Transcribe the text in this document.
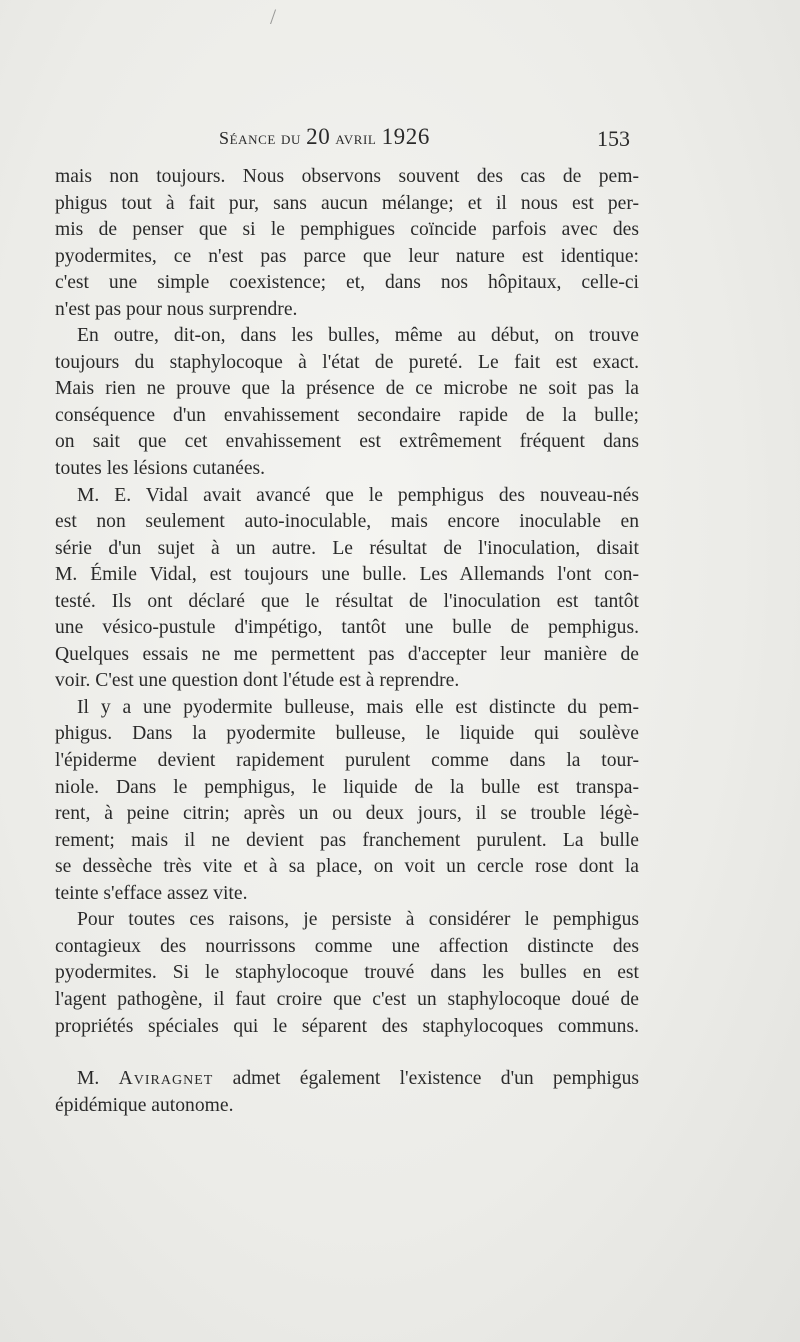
/
Séance du 20 avril 1926	153
mais non toujours. Nous observons souvent des cas de pem-
phigus tout à fait pur, sans aucun mélange; et il nous est per-
mis de penser que si le pemphigues coïncide parfois avec des
pyodermites, ce n'est pas parce que leur nature est identique:
c'est une simple coexistence; et, dans nos hôpitaux, celle-ci
n'est pas pour nous surprendre.
En outre, dit-on, dans les bulles, même au début, on trouve
toujours du staphylocoque à l'état de pureté. Le fait est exact.
Mais rien ne prouve que la présence de ce microbe ne soit pas la
conséquence d'un envahissement secondaire rapide de la bulle;
on sait que cet envahissement est extrêmement fréquent dans
toutes les lésions cutanées.
M. E. Vidal avait avancé que le pemphigus des nouveau-nés
est non seulement auto-inoculable, mais encore inoculable en
série d'un sujet à un autre. Le résultat de l'inoculation, disait
M. Émile Vidal, est toujours une bulle. Les Allemands l'ont con-
testé. Ils ont déclaré que le résultat de l'inoculation est tantôt
une vésico-pustule d'impétigo, tantôt une bulle de pemphigus.
Quelques essais ne me permettent pas d'accepter leur manière de
voir. C'est une question dont l'étude est à reprendre.
Il y a une pyodermite bulleuse, mais elle est distincte du pem-
phigus. Dans la pyodermite bulleuse, le liquide qui soulève
l'épiderme devient rapidement purulent comme dans la tour-
niole. Dans le pemphigus, le liquide de la bulle est transpa-
rent, à peine citrin; après un ou deux jours, il se trouble légè-
rement; mais il ne devient pas franchement purulent. La bulle
se dessèche très vite et à sa place, on voit un cercle rose dont la
teinte s'efface assez vite.
Pour toutes ces raisons, je persiste à considérer le pemphigus
contagieux des nourrissons comme une affection distincte des
pyodermites. Si le staphylocoque trouvé dans les bulles en est
l'agent pathogène, il faut croire que c'est un staphylocoque doué de
propriétés spéciales qui le séparent des staphylocoques communs.
M. Aviragnet admet également l'existence d'un pemphigus
épidémique autonome.
